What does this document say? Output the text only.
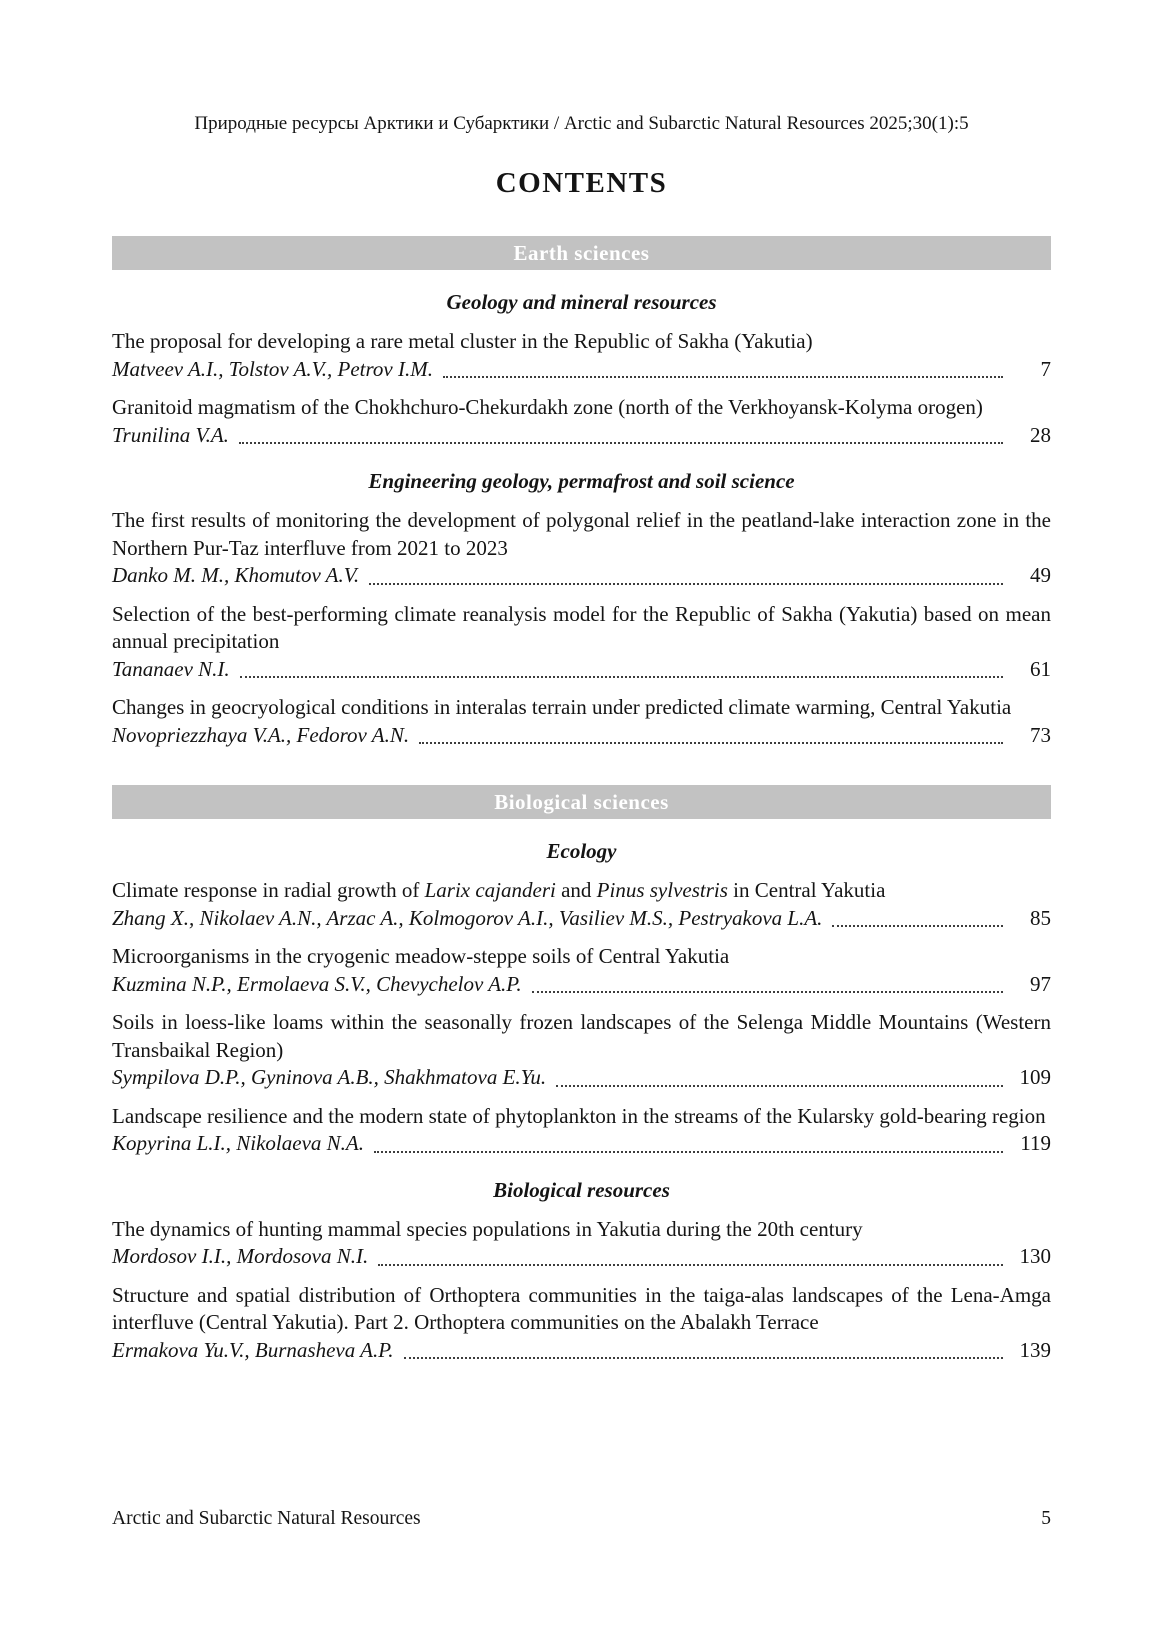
Природные ресурсы Арктики и Субарктики / Arctic and Subarctic Natural Resources 2025;30(1):5
CONTENTS
Earth sciences
Geology and mineral resources
The proposal for developing a rare metal cluster in the Republic of Sakha (Yakutia)
Matveev A.I., Tolstov A.V., Petrov I.M.	7
Granitoid magmatism of the Chokhchuro-Chekurdakh zone (north of the Verkhoyansk-Kolyma orogen)
Trunilina V.A.	28
Engineering geology, permafrost and soil science
The first results of monitoring the development of polygonal relief in the peatland-lake interaction zone in the Northern Pur-Taz interfluve from 2021 to 2023
Danko M. M., Khomutov A.V.	49
Selection of the best-performing climate reanalysis model for the Republic of Sakha (Yakutia) based on mean annual precipitation
Tananaev N.I.	61
Changes in geocryological conditions in interalas terrain under predicted climate warming, Central Yakutia
Novopriezzhaya V.A., Fedorov A.N.	73
Biological sciences
Ecology
Climate response in radial growth of Larix cajanderi and Pinus sylvestris in Central Yakutia
Zhang X., Nikolaev A.N., Arzac A., Kolmogorov A.I., Vasiliev M.S., Pestryakova L.A.	85
Microorganisms in the cryogenic meadow-steppe soils of Central Yakutia
Kuzmina N.P., Ermolaeva S.V., Chevychelov A.P.	97
Soils in loess-like loams within the seasonally frozen landscapes of the Selenga Middle Mountains (Western Transbaikal Region)
Sympilova D.P., Gyninova A.B., Shakhmatova E.Yu.	109
Landscape resilience and the modern state of phytoplankton in the streams of the Kularsky gold-bearing region
Kopyrina L.I., Nikolaeva N.A.	119
Biological resources
The dynamics of hunting mammal species populations in Yakutia during the 20th century
Mordosov I.I., Mordosova N.I.	130
Structure and spatial distribution of Orthoptera communities in the taiga-alas landscapes of the Lena-Amga interfluve (Central Yakutia). Part 2. Orthoptera communities on the Abalakh Terrace
Ermakova Yu.V., Burnasheva A.P.	139
Arctic and Subarctic Natural Resources	5
